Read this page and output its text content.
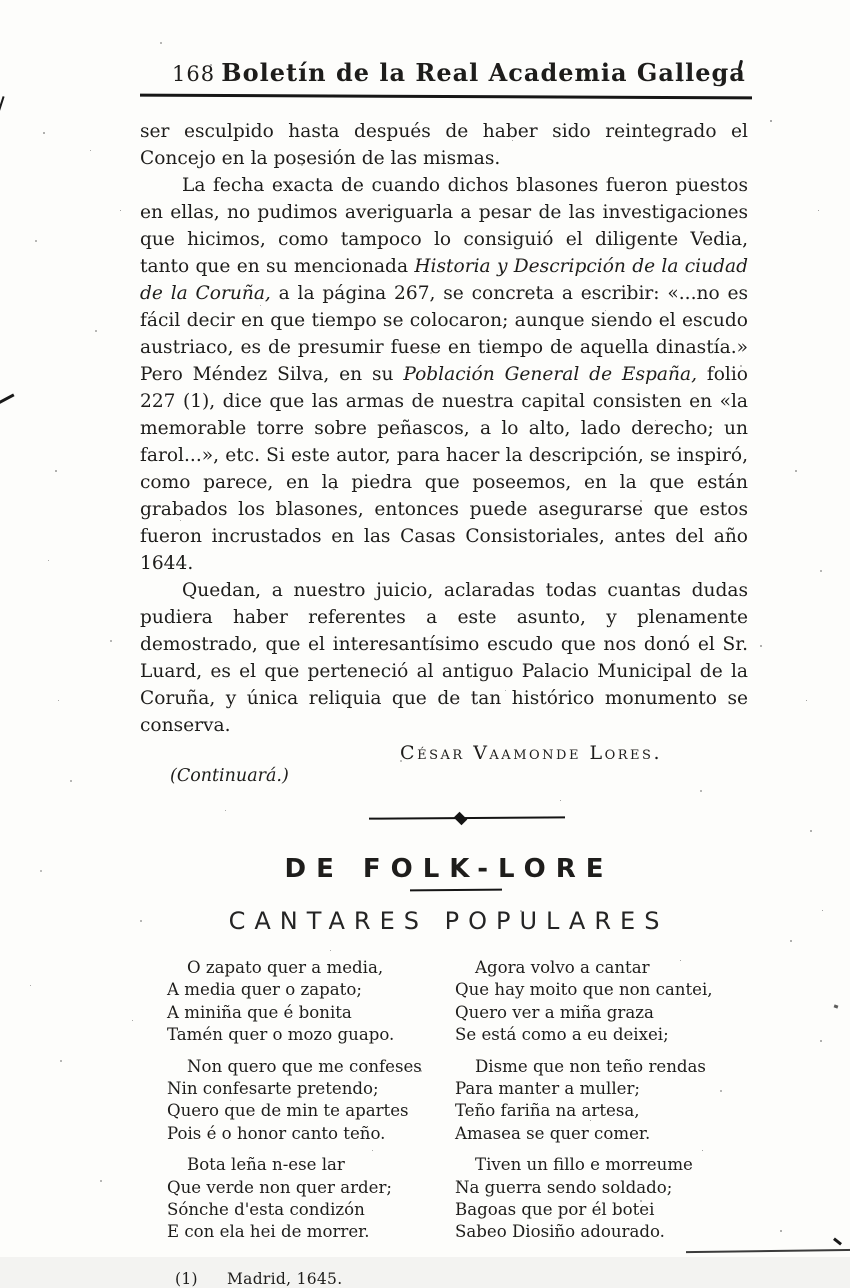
168 Boletín de la Real Academia Gallega

ser esculpido hasta después de haber sido reintegrado el Concejo en la posesión de las mismas.

La fecha exacta de cuando dichos blasones fueron puestos en ellas, no pudimos averiguarla a pesar de las investigaciones que hicimos, como tampoco lo consiguió el diligente Vedia, tanto que en su mencionada Historia y Descripción de la ciudad de la Coruña, a la página 267, se concreta a escribir: «...no es fácil decir en que tiempo se colocaron; aunque siendo el escudo austriaco, es de presumir fuese en tiempo de aquella dinastía.» Pero Méndez Silva, en su Población General de España, folio 227 (1), dice que las armas de nuestra capital consisten en «la memorable torre sobre peñascos, a lo alto, lado derecho; un farol...», etc. Si este autor, para hacer la descripción, se inspiró, como parece, en la piedra que poseemos, en la que están grabados los blasones, entonces puede asegurarse que estos fueron incrustados en las Casas Consistoriales, antes del año 1644.

Quedan, a nuestro juicio, aclaradas todas cuantas dudas pudiera haber referentes a este asunto, y plenamente demostrado, que el interesantísimo escudo que nos donó el Sr. Luard, es el que perteneció al antiguo Palacio Municipal de la Coruña, y única reliquia que de tan histórico monumento se conserva.

César Vaamonde Lores.
(Continuará.)
DE FOLK-LORE
CANTARES POPULARES
O zapato quer a media,
A media quer o zapato;
A miniña que é bonita
Tamén quer o mozo guapo.
Non quero que me confeses
Nin confesarte pretendo;
Quero que de min te apartes
Pois é o honor canto teño.
Bota leña n-ese lar
Que verde non quer arder;
Sónche d'esta condizón
E con ela hei de morrer.
Agora volvo a cantar
Que hay moito que non cantei,
Quero ver a miña graza
Se está como a eu deixei;
Disme que non teño rendas
Para manter a muller;
Teño fariña na artesa,
Amasea se quer comer.
Tiven un fillo e morreume
Na guerra sendo soldado;
Bagoas que por él botei
Sabeo Diosiño adourado.
(1) Madrid, 1645.
